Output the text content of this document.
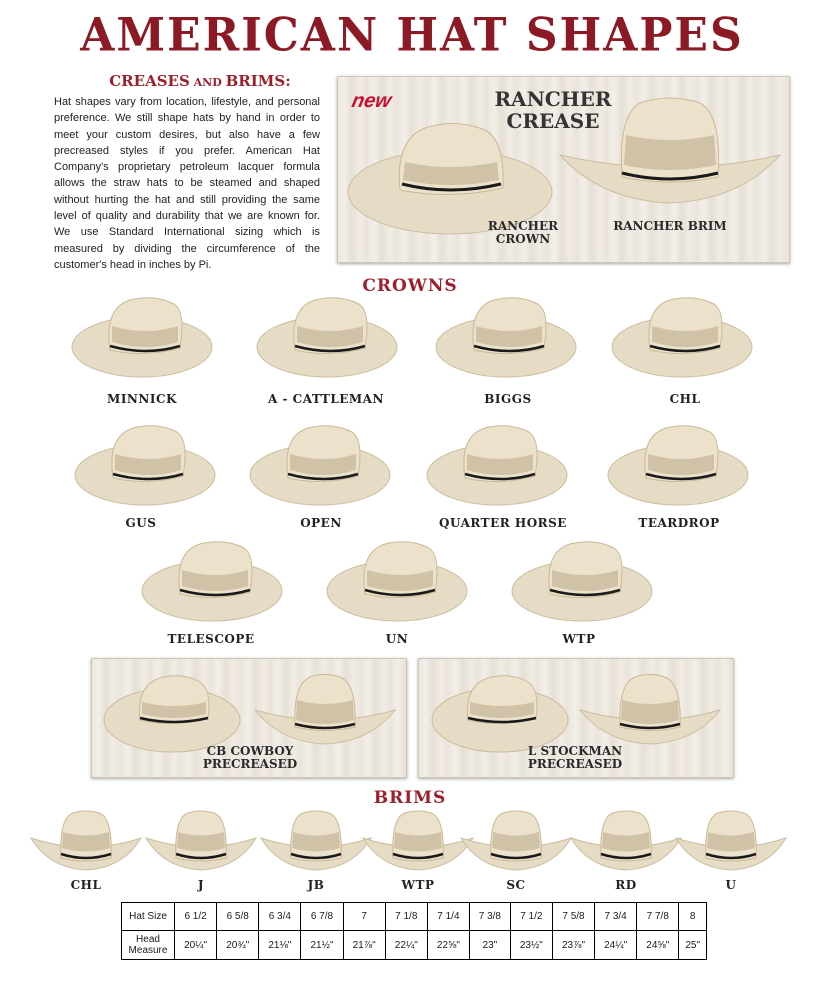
AMERICAN HAT SHAPES
CREASES AND BRIMS:
Hat shapes vary from location, lifestyle, and personal preference. We still shape hats by hand in order to meet your custom desires, but also have a few precreased styles if you prefer. American Hat Company's proprietary petroleum lacquer formula allows the straw hats to be steamed and shaped without hurting the hat and still providing the same level of quality and durability that we are known for. We use Standard International sizing which is measured by dividing the circumference of the customer's head in inches by Pi.
new	RANCHER
CREASE
RANCHER
CROWN
RANCHER BRIM
CROWNS
MINNICK	A - CATTLEMAN	BIGGS	CHL
GUS	OPEN	QUARTER HORSE	TEARDROP
TELESCOPE	UN	WTP
CB COWBOY
PRECREASED
L STOCKMAN
PRECREASED
BRIMS
CHL	J	JB	WTP	SC	RD	U
Hat Size	6 1/2	6 5/8	6 3/4	6 7/8	7	7 1/8	7 1/4	7 3/8	7 1/2	7 5/8	7 3/4	7 7/8	8

Head
Measure	20¼"	20¾"	21⅛"	21½"	21⅞"	22¼"	22⅝"	23"	23½"	23⅞"	24¼"	24⅝"	25"
